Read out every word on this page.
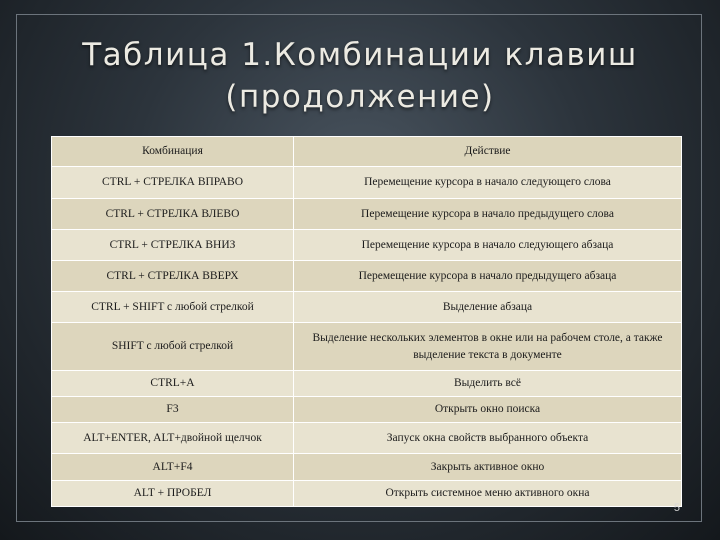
Таблица 1.Комбинации клавиш (продолжение)
Комбинация	Действие
CTRL + СТРЕЛКА ВПРАВО	Перемещение курсора в начало следующего слова
CTRL + СТРЕЛКА ВЛЕВО	Перемещение курсора в начало предыдущего слова
CTRL + СТРЕЛКА ВНИЗ	Перемещение курсора в начало следующего абзаца
CTRL + СТРЕЛКА ВВЕРХ	Перемещение курсора в начало предыдущего абзаца
CTRL + SHIFT с любой стрелкой	Выделение абзаца
SHIFT с любой стрелкой	Выделение нескольких элементов в окне или на рабочем столе, а также выделение текста в документе
CTRL+A	Выделить всё
F3	Открыть окно поиска
ALT+ENTER, ALT+двойной щелчок	Запуск окна свойств выбранного объекта
ALT+F4	Закрыть активное окно
ALT + ПРОБЕЛ	Открыть системное меню активного окна
5
